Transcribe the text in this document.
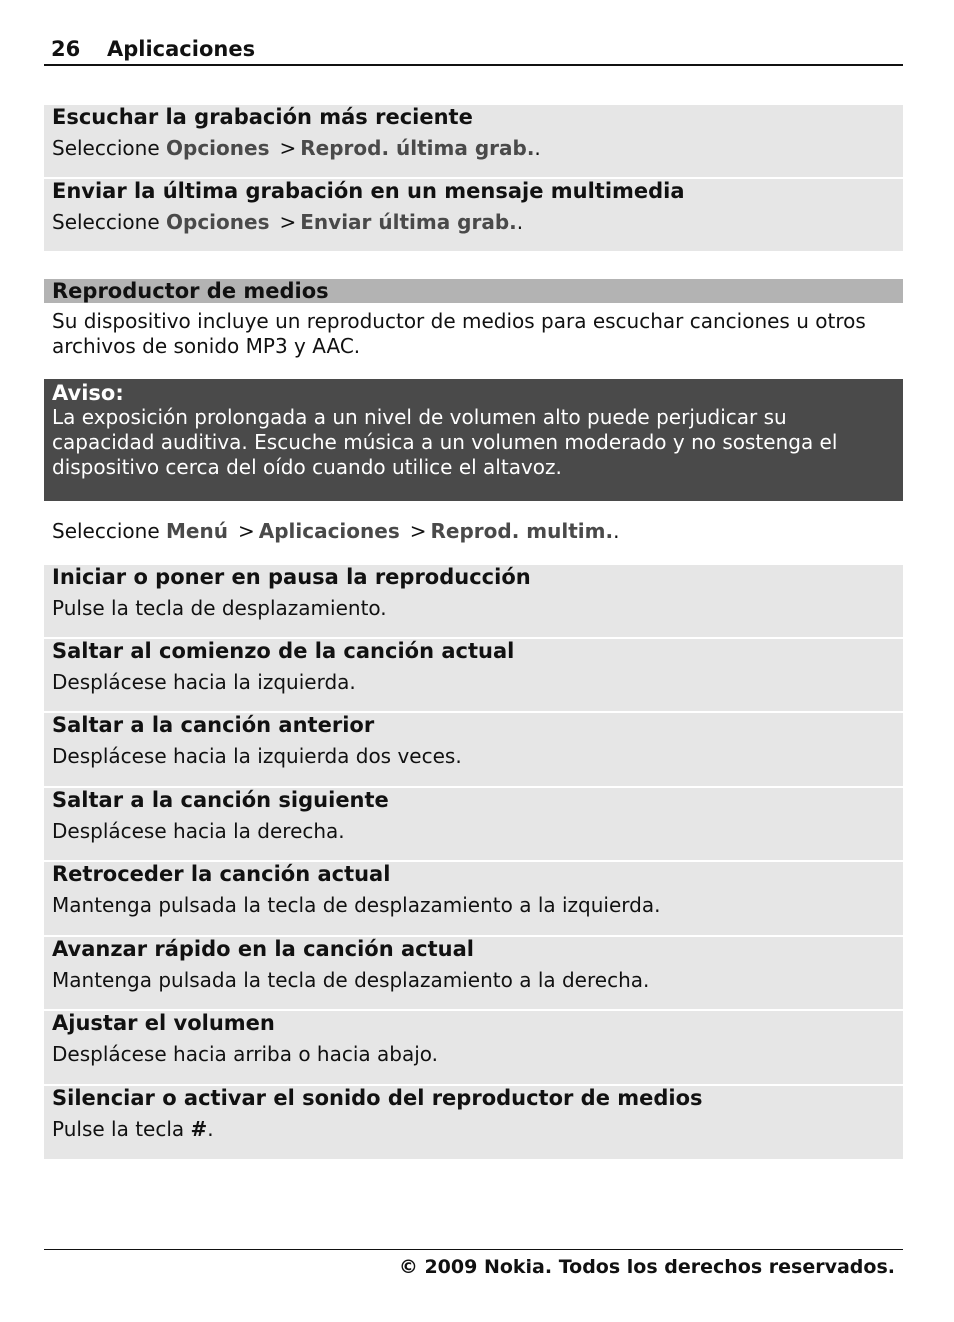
26 Aplicaciones
Escuchar la grabación más reciente
Seleccione Opciones > Reprod. última grab..
Enviar la última grabación en un mensaje multimedia
Seleccione Opciones > Enviar última grab..
Reproductor de medios
Su dispositivo incluye un reproductor de medios para escuchar canciones u otros archivos de sonido MP3 y AAC.
Aviso:
La exposición prolongada a un nivel de volumen alto puede perjudicar su capacidad auditiva. Escuche música a un volumen moderado y no sostenga el dispositivo cerca del oído cuando utilice el altavoz.
Seleccione Menú > Aplicaciones > Reprod. multim..
Iniciar o poner en pausa la reproducción
Pulse la tecla de desplazamiento.
Saltar al comienzo de la canción actual
Desplácese hacia la izquierda.
Saltar a la canción anterior
Desplácese hacia la izquierda dos veces.
Saltar a la canción siguiente
Desplácese hacia la derecha.
Retroceder la canción actual
Mantenga pulsada la tecla de desplazamiento a la izquierda.
Avanzar rápido en la canción actual
Mantenga pulsada la tecla de desplazamiento a la derecha.
Ajustar el volumen
Desplácese hacia arriba o hacia abajo.
Silenciar o activar el sonido del reproductor de medios
Pulse la tecla #.
© 2009 Nokia. Todos los derechos reservados.
